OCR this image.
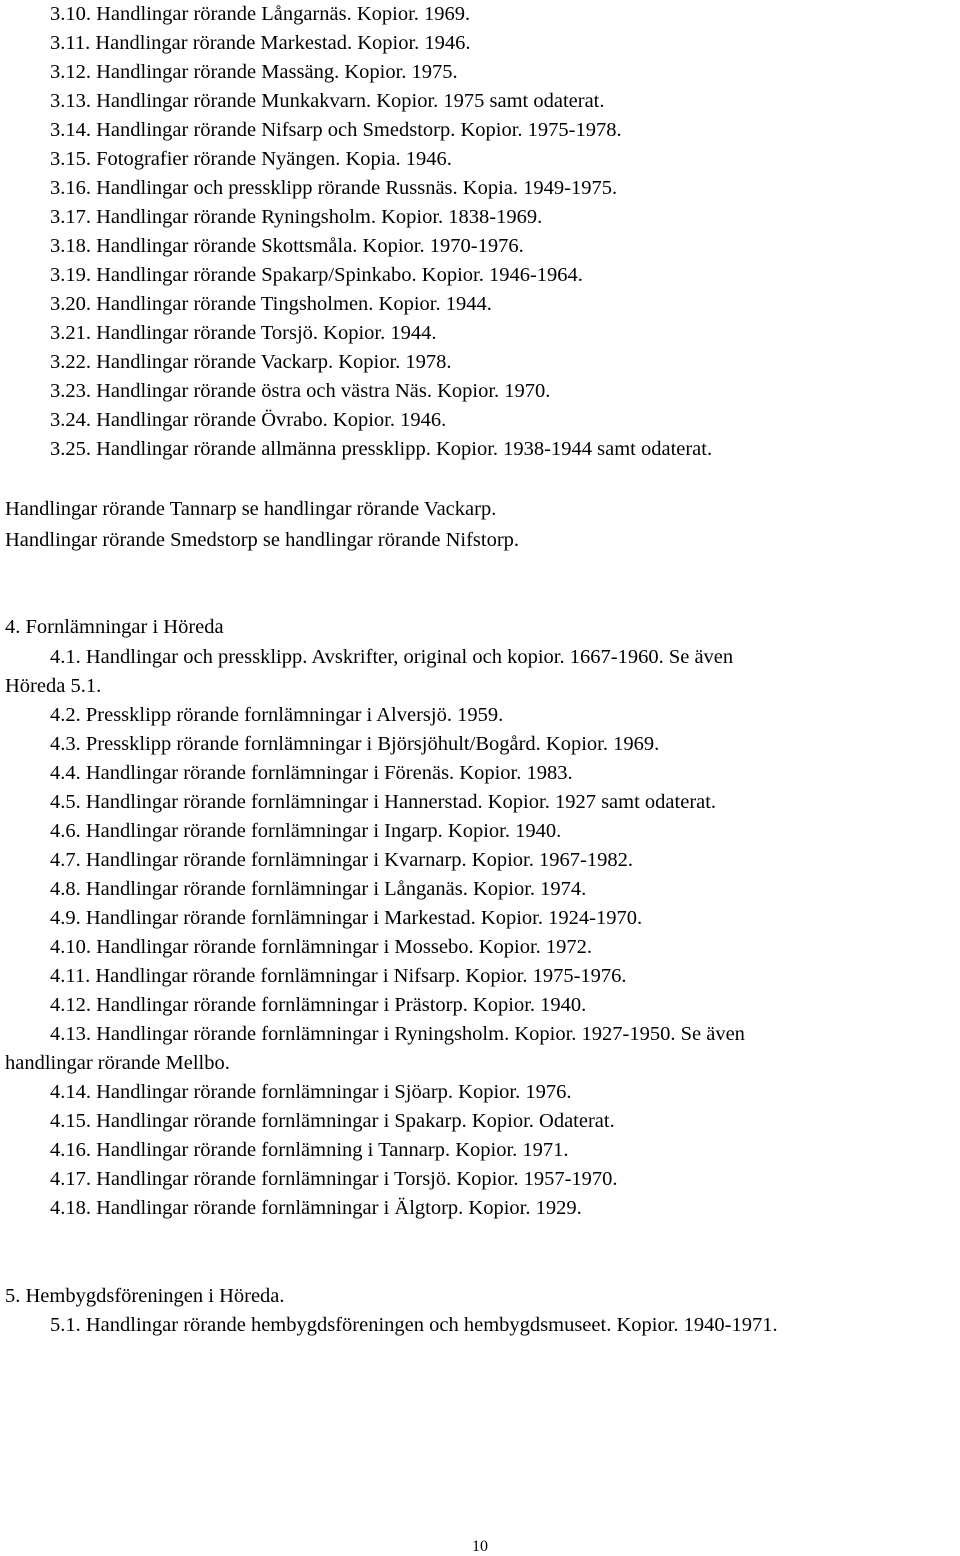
3.10. Handlingar rörande Långarnäs. Kopior. 1969.
3.11. Handlingar rörande Markestad. Kopior. 1946.
3.12. Handlingar rörande Massäng. Kopior. 1975.
3.13. Handlingar rörande Munkakvarn. Kopior. 1975 samt odaterat.
3.14. Handlingar rörande Nifsarp och Smedstorp. Kopior. 1975-1978.
3.15. Fotografier rörande Nyängen. Kopia. 1946.
3.16. Handlingar och pressklipp rörande Russnäs. Kopia. 1949-1975.
3.17. Handlingar rörande Ryningsholm. Kopior. 1838-1969.
3.18. Handlingar rörande Skottsmåla. Kopior. 1970-1976.
3.19. Handlingar rörande Spakarp/Spinkabo. Kopior. 1946-1964.
3.20. Handlingar rörande Tingsholmen. Kopior. 1944.
3.21. Handlingar rörande Torsjö. Kopior. 1944.
3.22. Handlingar rörande Vackarp. Kopior. 1978.
3.23. Handlingar rörande östra och västra Näs. Kopior. 1970.
3.24. Handlingar rörande Övrabo. Kopior. 1946.
3.25. Handlingar rörande allmänna pressklipp. Kopior. 1938-1944 samt odaterat.
Handlingar rörande Tannarp se handlingar rörande Vackarp.
Handlingar rörande Smedstorp se handlingar rörande Nifstorp.
4. Fornlämningar i Höreda
4.1. Handlingar och pressklipp. Avskrifter, original och kopior. 1667-1960. Se även
Höreda 5.1.
4.2. Pressklipp rörande fornlämningar i Alversjö. 1959.
4.3. Pressklipp rörande fornlämningar i Björsjöhult/Bogård. Kopior. 1969.
4.4. Handlingar rörande fornlämningar i Förenäs. Kopior. 1983.
4.5. Handlingar rörande fornlämningar i Hannerstad. Kopior. 1927 samt odaterat.
4.6. Handlingar rörande fornlämningar i Ingarp. Kopior. 1940.
4.7. Handlingar rörande fornlämningar i Kvarnarp. Kopior. 1967-1982.
4.8. Handlingar rörande fornlämningar i Långanäs. Kopior. 1974.
4.9. Handlingar rörande fornlämningar i Markestad. Kopior. 1924-1970.
4.10. Handlingar rörande fornlämningar i Mossebo. Kopior. 1972.
4.11. Handlingar rörande fornlämningar i Nifsarp. Kopior. 1975-1976.
4.12. Handlingar rörande fornlämningar i Prästorp. Kopior. 1940.
4.13. Handlingar rörande fornlämningar i Ryningsholm. Kopior. 1927-1950. Se även
handlingar rörande Mellbo.
4.14. Handlingar rörande fornlämningar i Sjöarp. Kopior. 1976.
4.15. Handlingar rörande fornlämningar i Spakarp. Kopior. Odaterat.
4.16. Handlingar rörande fornlämning i Tannarp. Kopior. 1971.
4.17. Handlingar rörande fornlämningar i Torsjö. Kopior. 1957-1970.
4.18. Handlingar rörande fornlämningar i Älgtorp. Kopior. 1929.
5. Hembygdsföreningen i Höreda.
5.1. Handlingar rörande hembygdsföreningen och hembygdsmuseet. Kopior. 1940-1971.
10
